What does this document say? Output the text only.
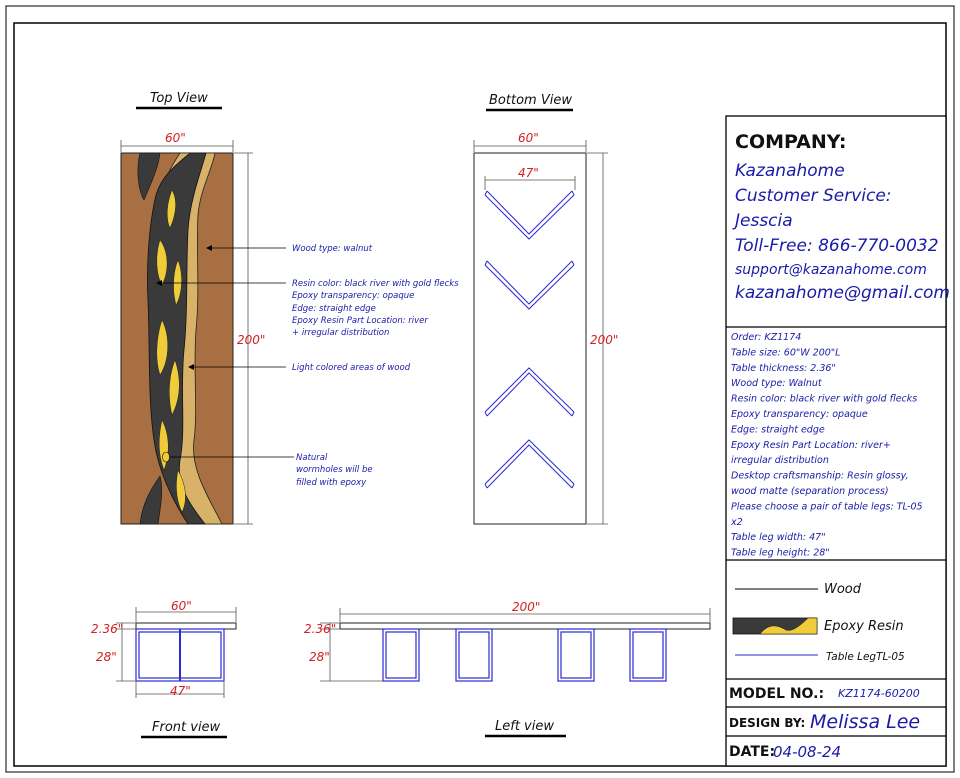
Top View
60"
200"
Wood type: walnut
Resin color: black river with gold flecks
Epoxy transparency: opaque
Edge: straight edge
Epoxy Resin Part Location: river
+ irregular distribution
Light colored areas of wood
Natural
wormholes will be
filled with epoxy
Bottom View
60"
47"
200"
60"
2.36"
28"
47"
Front view
200"
2.36"
28"
Left view
COMPANY:
Kazanahome
Customer Service:
Jesscia
Toll-Free: 866-770-0032
support@kazanahome.com
kazanahome@gmail.com
Order: KZ1174
Table size: 60"W 200"L
Table thickness: 2.36"
Wood type: Walnut
Resin color: black river with gold flecks
Epoxy transparency: opaque
Edge: straight edge
Epoxy Resin Part Location: river+
irregular distribution
Desktop craftsmanship: Resin glossy,
wood matte (separation process)
Please choose a pair of table legs: TL-05
x2
Table leg width: 47"
Table leg height: 28"
Wood
Epoxy Resin
Table LegTL-05
MODEL NO.: KZ1174-60200
DESIGN BY: Melissa Lee
DATE:
04-08-24
